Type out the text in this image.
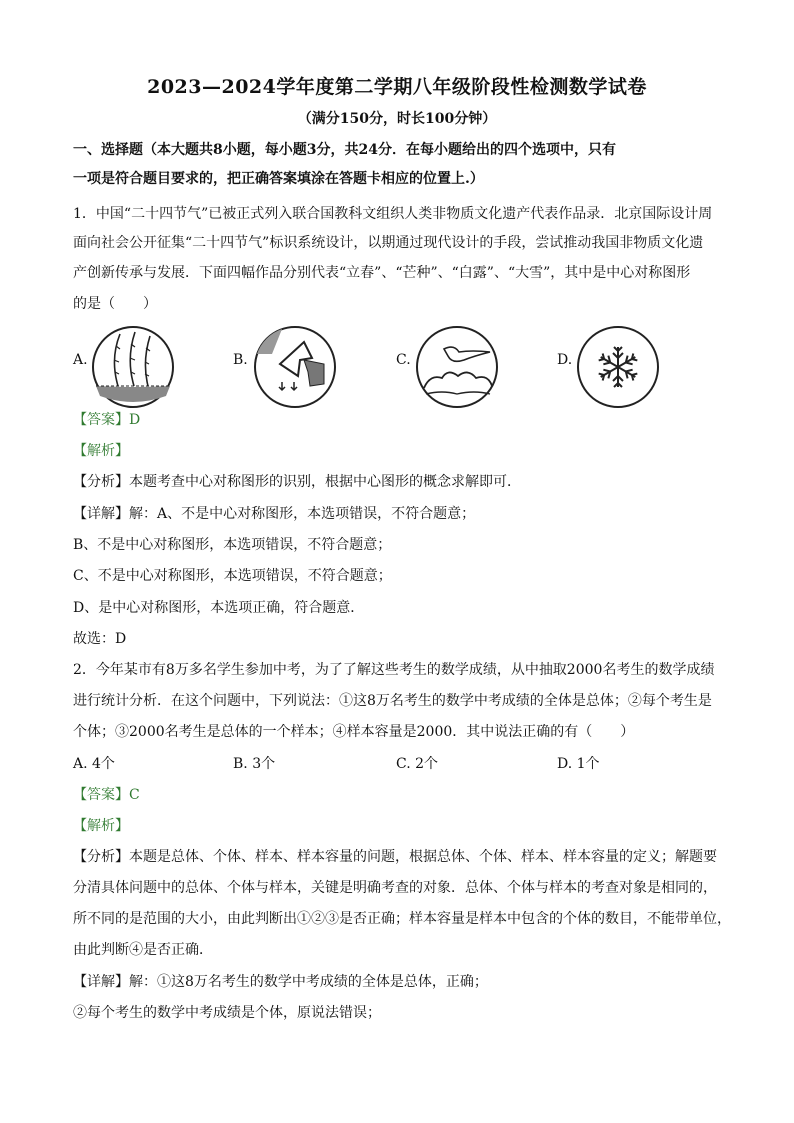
2023—2024学年度第二学期八年级阶段性检测数学试卷
（满分150分，时长100分钟）
一、选择题（本大题共8小题，每小题3分，共24分．在每小题给出的四个选项中，只有
一项是符合题目要求的，把正确答案填涂在答题卡相应的位置上.）
1．中国“二十四节气”已被正式列入联合国教科文组织人类非物质文化遗产代表作品录．北京国际设计周
面向社会公开征集“二十四节气”标识系统设计，以期通过现代设计的手段，尝试推动我国非物质文化遗
产创新传承与发展．下面四幅作品分别代表“立春”、“芒种”、“白露”、“大雪”，其中是中心对称图形
的是（　　）
A.	B.	C.	D.
【答案】D
【解析】
【分析】本题考查中心对称图形的识别，根据中心图形的概念求解即可．
【详解】解：A、不是中心对称图形，本选项错误，不符合题意；
B、不是中心对称图形，本选项错误，不符合题意；
C、不是中心对称图形，本选项错误，不符合题意；
D、是中心对称图形，本选项正确，符合题意．
故选：D
2．今年某市有8万多名学生参加中考，为了了解这些考生的数学成绩，从中抽取2000名考生的数学成绩
进行统计分析．在这个问题中，下列说法：①这8万名考生的数学中考成绩的全体是总体；②每个考生是
个体；③2000名考生是总体的一个样本；④样本容量是2000．其中说法正确的有（　　）
A. 4个	B. 3个	C. 2个	D. 1个
【答案】C
【解析】
【分析】本题是总体、个体、样本、样本容量的问题，根据总体、个体、样本、样本容量的定义；解题要
分清具体问题中的总体、个体与样本，关键是明确考查的对象．总体、个体与样本的考查对象是相同的，
所不同的是范围的大小，由此判断出①②③是否正确；样本容量是样本中包含的个体的数目，不能带单位，
由此判断④是否正确．
【详解】解：①这8万名考生的数学中考成绩的全体是总体，正确；
②每个考生的数学中考成绩是个体，原说法错误；
